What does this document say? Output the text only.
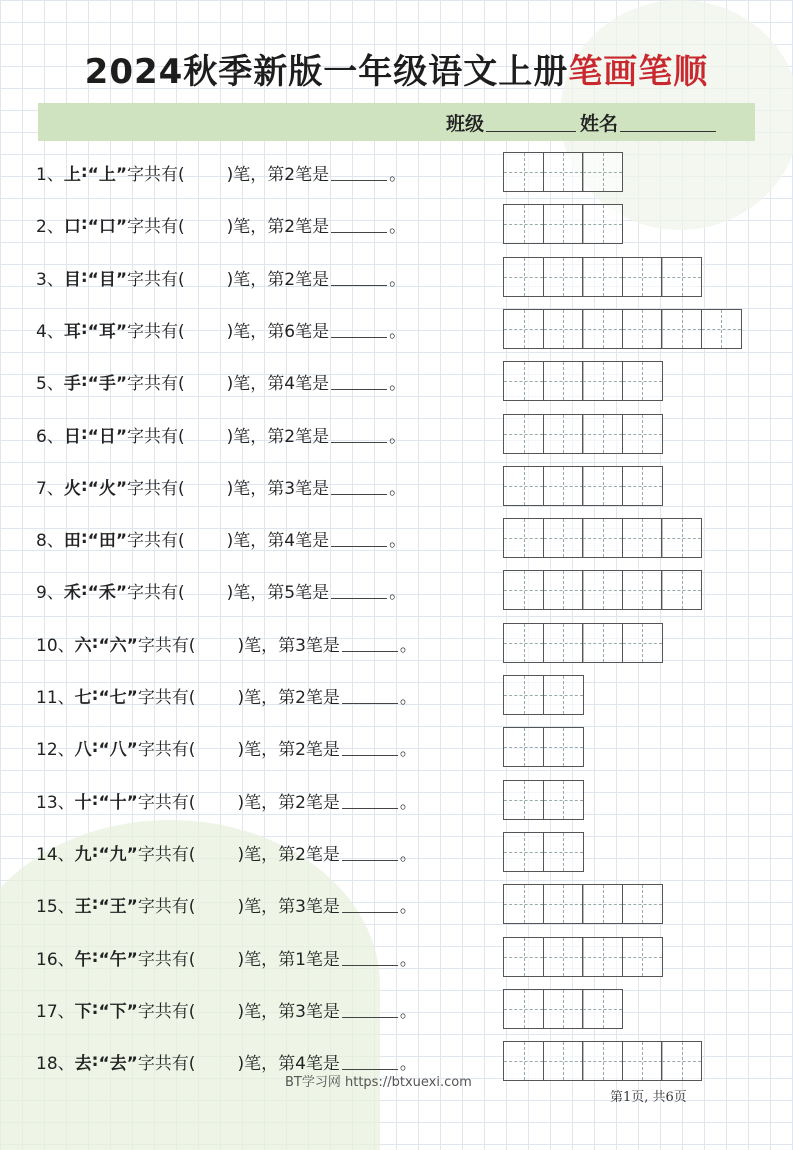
2024秋季新版一年级语文上册笔画笔顺
班级	姓名
1、 上 : “上” 字共有( )笔，第2笔是	。
2、 口 : “口” 字共有( )笔，第2笔是	。
3、 目 : “目” 字共有( )笔，第2笔是	。
4、 耳 : “耳” 字共有( )笔，第6笔是	。
5、 手 : “手” 字共有( )笔，第4笔是	。
6、 日 : “日” 字共有( )笔，第2笔是	。
7、 火 : “火” 字共有( )笔，第3笔是	。
8、 田 : “田” 字共有( )笔，第4笔是	。
9、 禾 : “禾” 字共有( )笔，第5笔是	。
10、 六 : “六” 字共有( )笔，第3笔是	。
11、 七 : “七” 字共有( )笔，第2笔是	。
12、 八 : “八” 字共有( )笔，第2笔是	。
13、 十 : “十” 字共有( )笔，第2笔是	。
14、 九 : “九” 字共有( )笔，第2笔是	。
15、 王 : “王” 字共有( )笔，第3笔是	。
16、 午 : “午” 字共有( )笔，第1笔是	。
17、 下 : “下” 字共有( )笔，第3笔是	。
18、 去 : “去” 字共有( )笔，第4笔是	。
BT学习网 https://btxuexi.com
第1页, 共6页
